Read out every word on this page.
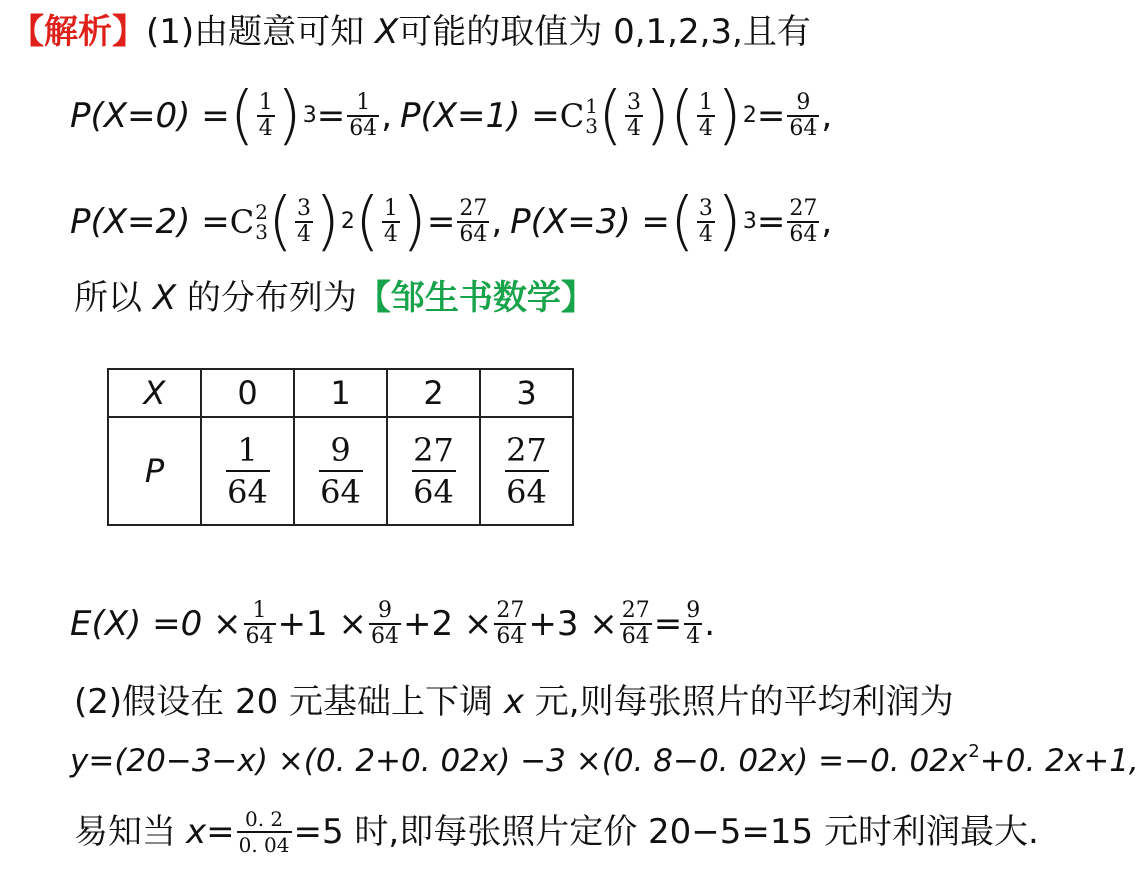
【解析】(1)由题意可知 X可能的取值为 0,1,2,3,且有
P(X=0) = ( 1
4 ) $3 = \frac{1}{64}$ , P(X=1) = C 1
3 ( 3
4 ) ( 1
4 ) $2 = \frac{9}{64}$ ,
P(X=2) = C 2
3 ( 3
4 ) 2 ( 1
4 ) = $\frac{27}{64}$ , P(X=3) = ( 3
4 ) $3 = \frac{27}{64}$ ,
所以 X 的分布列为【邹生书数学】
X	0	1	2	3
P	$\frac{1}{64}$	$\frac{9}{64}$	$\frac{27}{64}$	$\frac{27}{64}$
$E(X) =0 \times \frac{1}{64} +1 \times \frac{9}{64} +2 \times \frac{27}{64} +3 \times \frac{27}{64} = \frac{9}{4}$ .
(2)假设在 20 元基础上下调 x 元,则每张照片的平均利润为
y=(20−3−x) ×(0. 2+0. 02x) −3 ×(0. 8−0. 02x) =−0. $02x^2+0$. 2x+1,
易知当 $x= \frac{0. 2}{0. 04} =5$ 时,即每张照片定价 20−5=15 元时利润最大.
